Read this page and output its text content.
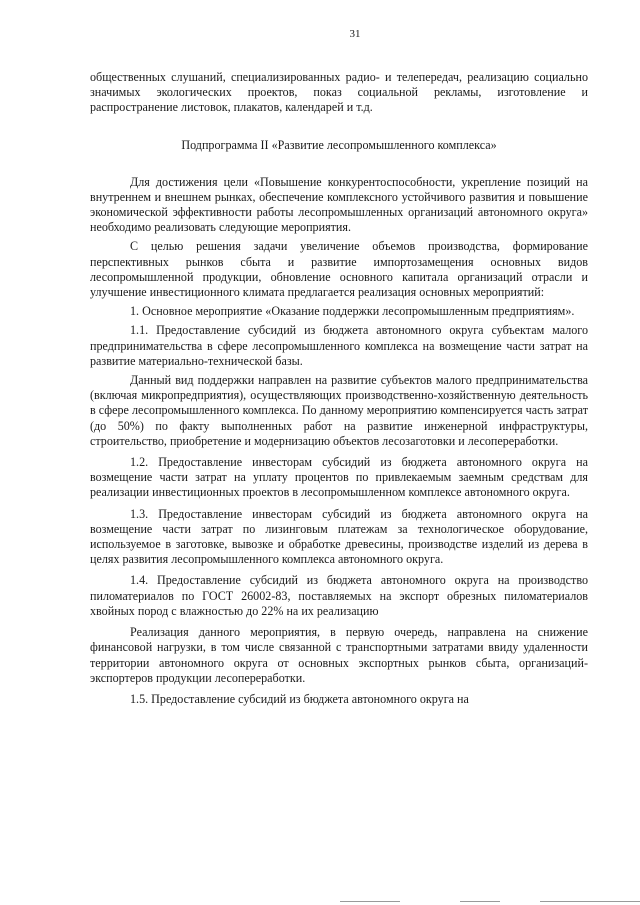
31

общественных слушаний, специализированных радио- и телепередач, реализацию социально значимых экологических проектов, показ социальной рекламы, изготовление и распространение листовок, плакатов, календарей и т.д.

Подпрограмма II «Развитие лесопромышленного комплекса»

Для достижения цели «Повышение конкурентоспособности, укрепление позиций на внутреннем и внешнем рынках, обеспечение комплексного устойчивого развития и повышение экономической эффективности работы лесопромышленных организаций автономного округа» необходимо реализовать следующие мероприятия.

С целью решения задачи увеличение объемов производства, формирование перспективных рынков сбыта и развитие импортозамещения основных видов лесопромышленной продукции, обновление основного капитала организаций отрасли и улучшение инвестиционного климата предлагается реализация основных мероприятий:

1. Основное мероприятие «Оказание поддержки лесопромышленным предприятиям».

1.1. Предоставление субсидий из бюджета автономного округа субъектам малого предпринимательства в сфере лесопромышленного комплекса на возмещение части затрат на развитие материально-технической базы.

Данный вид поддержки направлен на развитие субъектов малого предпринимательства (включая микропредприятия), осуществляющих производственно-хозяйственную деятельность в сфере лесопромышленного комплекса. По данному мероприятию компенсируется часть затрат (до 50%) по факту выполненных работ на развитие инженерной инфраструктуры, строительство, приобретение и модернизацию объектов лесозаготовки и лесопереработки.

1.2. Предоставление инвесторам субсидий из бюджета автономного округа на возмещение части затрат на уплату процентов по привлекаемым заемным средствам для реализации инвестиционных проектов в лесопромышленном комплексе автономного округа.

1.3. Предоставление инвесторам субсидий из бюджета автономного округа на возмещение части затрат по лизинговым платежам за технологическое оборудование, используемое в заготовке, вывозке и обработке древесины, производстве изделий из дерева в целях развития лесопромышленного комплекса автономного округа.

1.4. Предоставление субсидий из бюджета автономного округа на производство пиломатериалов по ГОСТ 26002-83, поставляемых на экспорт обрезных пиломатериалов хвойных пород с влажностью до 22% на их реализацию

Реализация данного мероприятия, в первую очередь, направлена на снижение финансовой нагрузки, в том числе связанной с транспортными затратами ввиду удаленности территории автономного округа от основных экспортных рынков сбыта, организаций-экспортеров продукции лесопереработки.

1.5. Предоставление субсидий из бюджета автономного округа на
